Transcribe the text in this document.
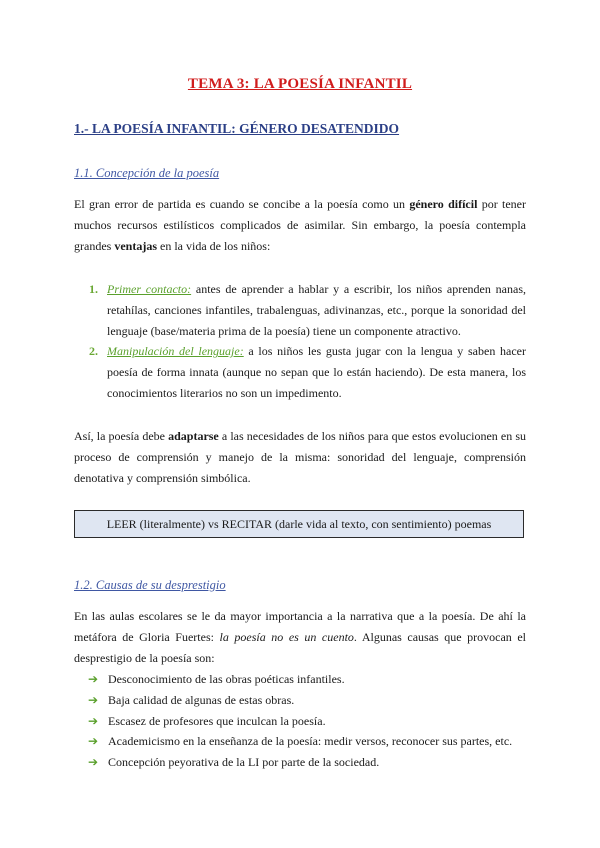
TEMA 3: LA POESÍA INFANTIL
1.- LA POESÍA INFANTIL: GÉNERO DESATENDIDO
1.1. Concepción de la poesía

El gran error de partida es cuando se concibe a la poesía como un género difícil por tener muchos recursos estilísticos complicados de asimilar. Sin embargo, la poesía contempla grandes ventajas en la vida de los niños:

1. Primer contacto: antes de aprender a hablar y a escribir, los niños aprenden nanas, retahílas, canciones infantiles, trabalenguas, adivinanzas, etc., porque la sonoridad del lenguaje (base/materia prima de la poesía) tiene un componente atractivo.
2. Manipulación del lenguaje: a los niños les gusta jugar con la lengua y saben hacer poesía de forma innata (aunque no sepan que lo están haciendo). De esta manera, los conocimientos literarios no son un impedimento.

Así, la poesía debe adaptarse a las necesidades de los niños para que estos evolucionen en su proceso de comprensión y manejo de la misma: sonoridad del lenguaje, comprensión denotativa y comprensión simbólica.

LEER (literalmente) vs RECITAR (darle vida al texto, con sentimiento) poemas
1.2. Causas de su desprestigio

En las aulas escolares se le da mayor importancia a la narrativa que a la poesía. De ahí la metáfora de Gloria Fuertes: la poesía no es un cuento. Algunas causas que provocan el desprestigio de la poesía son:

➔ Desconocimiento de las obras poéticas infantiles.
➔ Baja calidad de algunas de estas obras.
➔ Escasez de profesores que inculcan la poesía.
➔ Academicismo en la enseñanza de la poesía: medir versos, reconocer sus partes, etc.
➔ Concepción peyorativa de la LI por parte de la sociedad.
